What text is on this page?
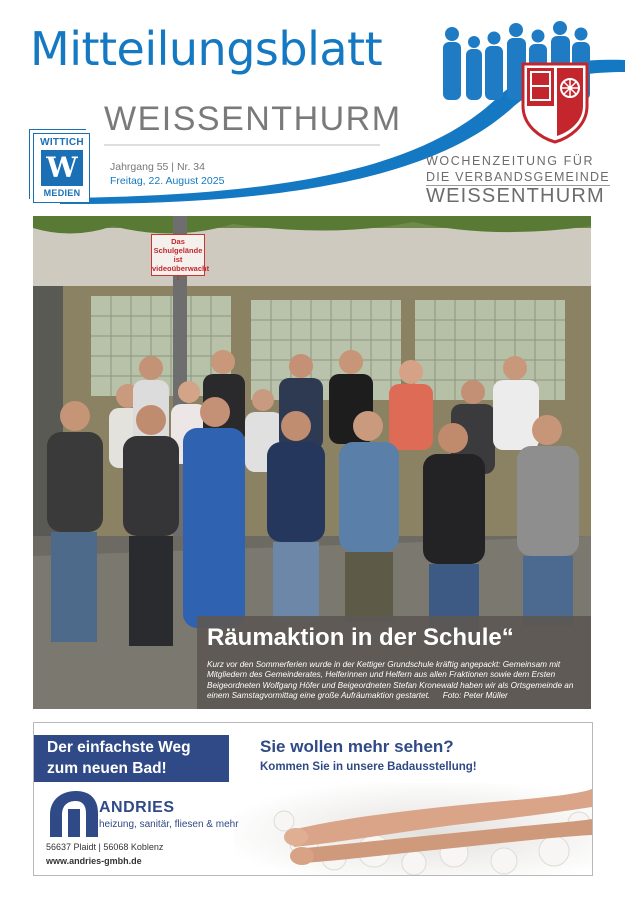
Mitteilungsblatt
WEISSENTHURM
WITTICH
W
MEDIEN
Jahrgang 55 | Nr. 34
Freitag, 22. August 2025
WOCHENZEITUNG FÜR
DIE VERBANDSGEMEINDE
WEISSENTHURM
Das Schulgelände ist videoüberwacht !
Räumaktion in der Schule“
Kurz vor den Sommerferien wurde in der Kettiger Grundschule kräftig angepackt: Gemeinsam mit Mitgliedern des Gemeinderates, Helferinnen und Helfern aus allen Fraktionen sowie dem Ersten Beigeordneten Wolfgang Höfer und Beigeordneten Stefan Kronewald haben wir als Ortsgemeinde an einem Samstagvormittag eine große Aufräumaktion gestartet. Foto: Peter Müller
Der einfachste Weg
zum neuen Bad!
Sie wollen mehr sehen?
Kommen Sie in unsere Badausstellung!
ANDRIES
heizung, sanitär, fliesen & mehr
56637 Plaidt | 56068 Koblenz
www.andries-gmbh.de
